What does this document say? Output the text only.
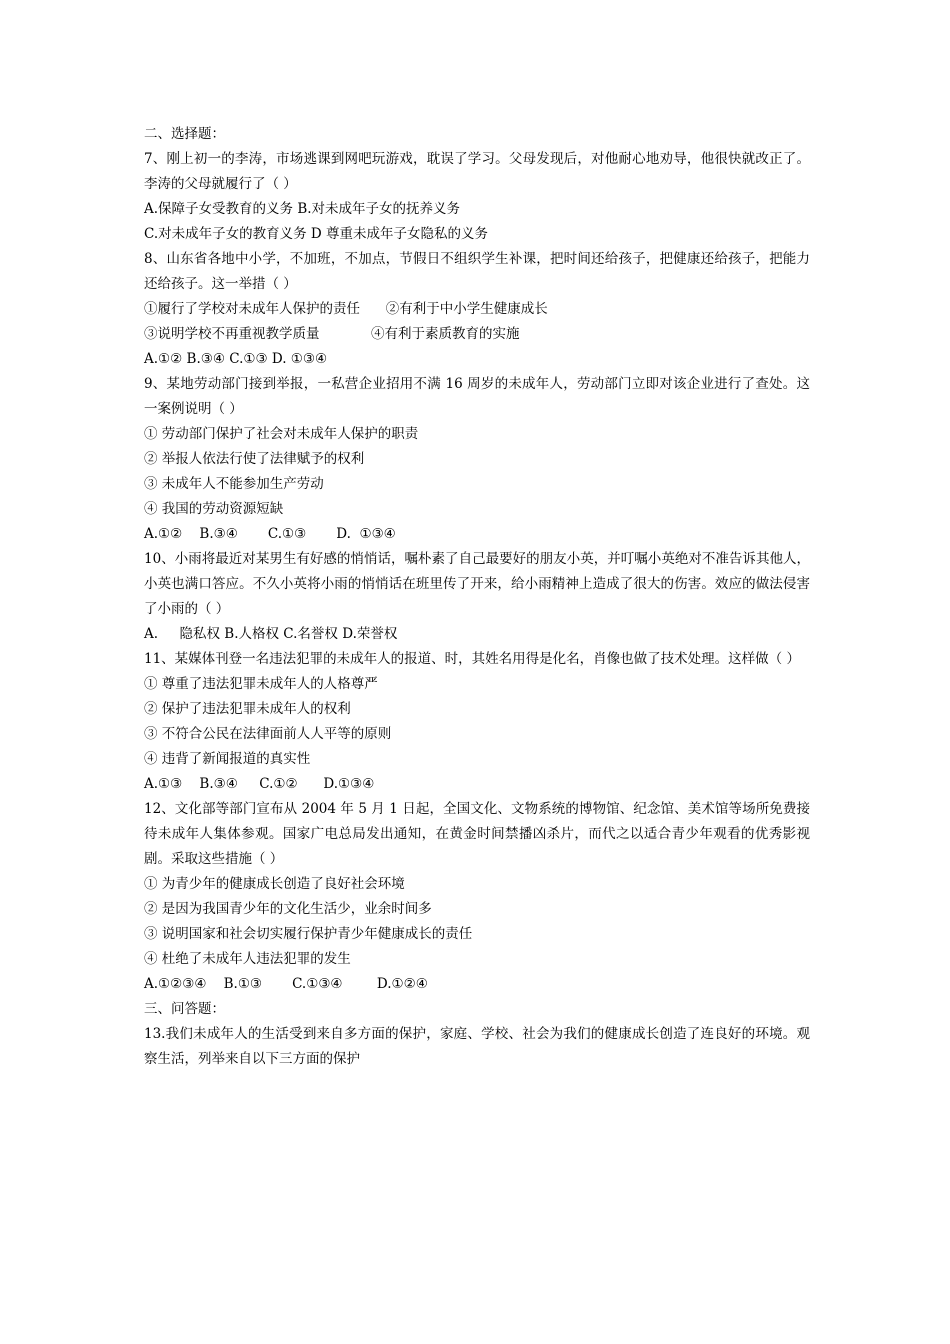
二、选择题：
7、刚上初一的李涛，市场逃课到网吧玩游戏，耽误了学习。父母发现后，对他耐心地劝导，他很快就改正了。李涛的父母就履行了（ ）
A.保障子女受教育的义务 B.对未成年子女的抚养义务
C.对未成年子女的教育义务 D 尊重未成年子女隐私的义务
8、山东省各地中小学，不加班，不加点，节假日不组织学生补课，把时间还给孩子，把健康还给孩子，把能力还给孩子。这一举措（ ）
①履行了学校对未成年人保护的责任      ②有利于中小学生健康成长
③说明学校不再重视教学质量            ④有利于素质教育的实施
A.①② B.③④ C.①③ D. ①③④
9、某地劳动部门接到举报，一私营企业招用不满 16 周岁的未成年人，劳动部门立即对该企业进行了查处。这一案例说明（ ）
① 劳动部门保护了社会对未成年人保护的职责
② 举报人依法行使了法律赋予的权利
③ 未成年人不能参加生产劳动
④ 我国的劳动资源短缺
A.①②    B.③④       C.①③       D.  ①③④
10、小雨将最近对某男生有好感的悄悄话，嘱朴素了自己最要好的朋友小英，并叮嘱小英绝对不准告诉其他人，小英也满口答应。不久小英将小雨的悄悄话在班里传了开来，给小雨精神上造成了很大的伤害。效应的做法侵害了小雨的（ ）
A.     隐私权 B.人格权 C.名誉权 D.荣誉权
11、某媒体刊登一名违法犯罪的未成年人的报道、时，其姓名用得是化名，肖像也做了技术处理。这样做（ ）
① 尊重了违法犯罪未成年人的人格尊严
② 保护了违法犯罪未成年人的权利
③ 不符合公民在法律面前人人平等的原则
④ 违背了新闻报道的真实性
A.①③    B.③④     C.①②      D.①③④
12、文化部等部门宣布从 2004 年 5 月 1 日起，全国文化、文物系统的博物馆、纪念馆、美术馆等场所免费接待未成年人集体参观。国家广电总局发出通知，在黄金时间禁播凶杀片，而代之以适合青少年观看的优秀影视剧。采取这些措施（ ）
① 为青少年的健康成长创造了良好社会环境
② 是因为我国青少年的文化生活少，业余时间多
③ 说明国家和社会切实履行保护青少年健康成长的责任
④ 杜绝了未成年人违法犯罪的发生
A.①②③④    B.①③       C.①③④        D.①②④
三、问答题：
13.我们未成年人的生活受到来自多方面的保护，家庭、学校、社会为我们的健康成长创造了连良好的环境。观察生活，列举来自以下三方面的保护
